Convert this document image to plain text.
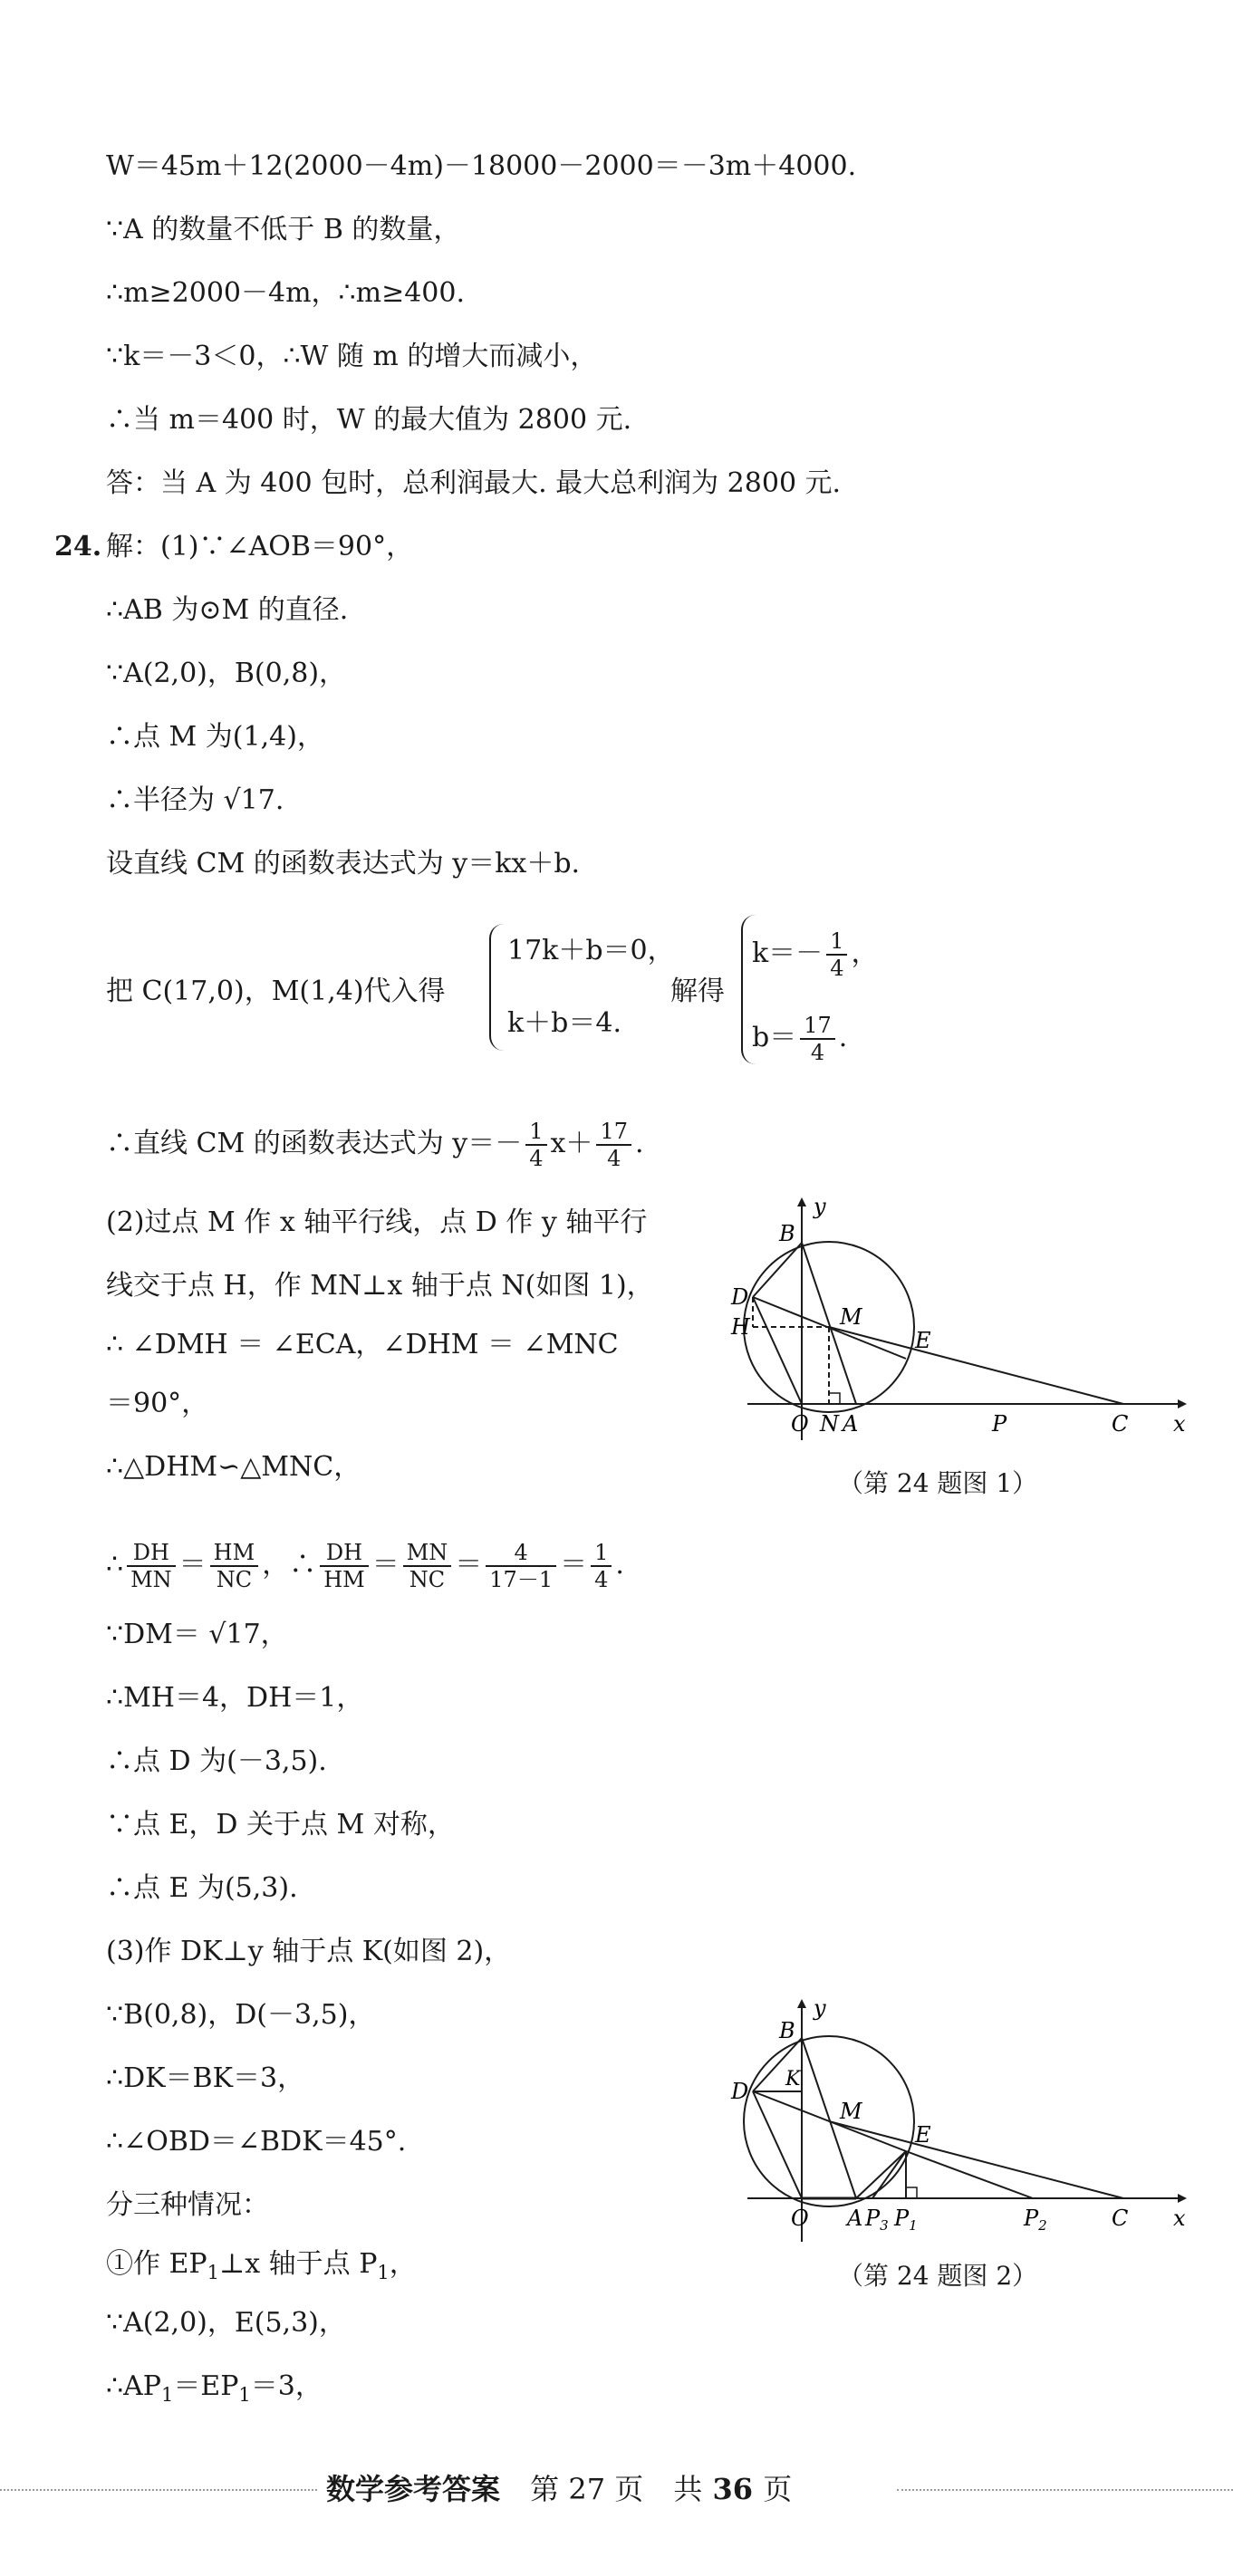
W＝45m＋12(2000－4m)－18000－2000＝－3m＋4000.
∵A 的数量不低于 B 的数量，
∴m≥2000－4m，∴m≥400.
∵k＝－3＜0，∴W 随 m 的增大而减小，
∴当 m＝400 时，W 的最大值为 2800 元.
答：当 A 为 400 包时，总利润最大. 最大总利润为 2800 元.
24. 解：(1)∵∠AOB＝90°，
∴AB 为⊙M 的直径.
∵A(2,0)，B(0,8)，
∴点 M 为(1,4)，
∴半径为 √17.
设直线 CM 的函数表达式为 y＝kx＋b.
把 C(17,0)，M(1,4)代入得
17k＋b＝0，
k＋b＝4.
解得
$k=- \frac{1}{4}$ ，
$b= \frac{17}{4}$ .
∴直线 CM 的函数表达式为 $y=- \frac{1}{4} x+ \frac{17}{4}$ .
(2)过点 M 作 x 轴平行线，点 D 作 y 轴平行
线交于点 H，作 MN⊥x 轴于点 N(如图 1)，
∴ ∠DMH ＝ ∠ECA，∠DHM ＝ ∠MNC
＝90°，
∴△DHM∽△MNC，
∴ $\frac{DH}{MN} = \frac{HM}{NC}$ ，∴ $\frac{DH}{HM} = \frac{MN}{NC} = \frac{4}{17-1} = \frac{1}{4}$ .
∵DM＝ √17，
∴MH＝4，DH＝1，
∴点 D 为(－3,5).
∵点 E，D 关于点 M 对称，
∴点 E 为(5,3).
(3)作 DK⊥y 轴于点 K(如图 2)，
∵B(0,8)，D(－3,5)，
∴DK＝BK＝3，
∴∠OBD＝∠BDK＝45°.
分三种情况：
①作 $EP_1\perp x$ 轴于点 $P_1$，
∵A(2,0)，E(5,3)，
$\therefore AP_1=EP_1=3$，
B
y
D
H	M
E
O N A	P	C x
（第 24 题图 1）
B
y
D K
M
E
O A $P_3$ $P_1$	$P_2$	C x
（第 24 题图 2）
数学参考答案 第 27 页 共 36 页
